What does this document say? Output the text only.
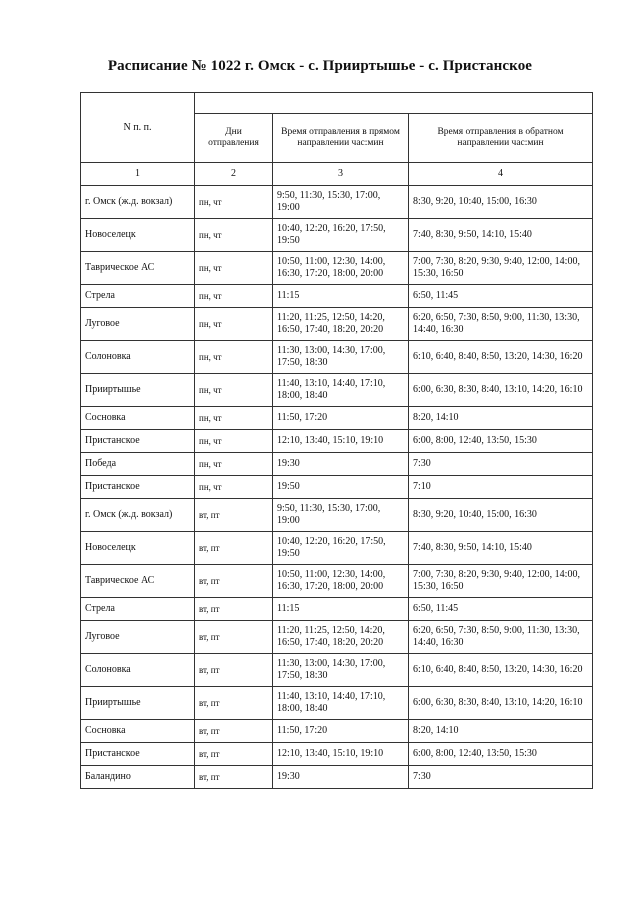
Расписание № 1022 г. Омск - с. Прииртышье - с. Пристанское
N п. п.			
	Дни отправления	Время отправления в прямом направлении час:мин	Время отправления в обратном направлении час:мин
1	2	3	4
г. Омск (ж.д. вокзал)	пн, чт	9:50, 11:30, 15:30, 17:00, 19:00	8:30, 9:20, 10:40, 15:00, 16:30
Новоселецк	пн, чт	10:40, 12:20, 16:20, 17:50, 19:50	7:40, 8:30, 9:50, 14:10, 15:40
Таврическое АС	пн, чт	10:50, 11:00, 12:30, 14:00, 16:30, 17:20, 18:00, 20:00	7:00, 7:30, 8:20, 9:30, 9:40, 12:00, 14:00, 15:30, 16:50
Стрела	пн, чт	11:15	6:50, 11:45
Луговое	пн, чт	11:20, 11:25, 12:50, 14:20, 16:50, 17:40, 18:20, 20:20	6:20, 6:50, 7:30, 8:50, 9:00, 11:30, 13:30, 14:40, 16:30
Солоновка	пн, чт	11:30, 13:00, 14:30, 17:00, 17:50, 18:30	6:10, 6:40, 8:40, 8:50, 13:20, 14:30, 16:20
Прииртышье	пн, чт	11:40, 13:10, 14:40, 17:10, 18:00, 18:40	6:00, 6:30, 8:30, 8:40, 13:10, 14:20, 16:10
Сосновка	пн, чт	11:50, 17:20	8:20, 14:10
Пристанское	пн, чт	12:10, 13:40, 15:10, 19:10	6:00, 8:00, 12:40, 13:50, 15:30
Победа	пн, чт	19:30	7:30
Пристанское	пн, чт	19:50	7:10
г. Омск (ж.д. вокзал)	вт, пт	9:50, 11:30, 15:30, 17:00, 19:00	8:30, 9:20, 10:40, 15:00, 16:30
Новоселецк	вт, пт	10:40, 12:20, 16:20, 17:50, 19:50	7:40, 8:30, 9:50, 14:10, 15:40
Таврическое АС	вт, пт	10:50, 11:00, 12:30, 14:00, 16:30, 17:20, 18:00, 20:00	7:00, 7:30, 8:20, 9:30, 9:40, 12:00, 14:00, 15:30, 16:50
Стрела	вт, пт	11:15	6:50, 11:45
Луговое	вт, пт	11:20, 11:25, 12:50, 14:20, 16:50, 17:40, 18:20, 20:20	6:20, 6:50, 7:30, 8:50, 9:00, 11:30, 13:30, 14:40, 16:30
Солоновка	вт, пт	11:30, 13:00, 14:30, 17:00, 17:50, 18:30	6:10, 6:40, 8:40, 8:50, 13:20, 14:30, 16:20
Прииртышье	вт, пт	11:40, 13:10, 14:40, 17:10, 18:00, 18:40	6:00, 6:30, 8:30, 8:40, 13:10, 14:20, 16:10
Сосновка	вт, пт	11:50, 17:20	8:20, 14:10
Пристанское	вт, пт	12:10, 13:40, 15:10, 19:10	6:00, 8:00, 12:40, 13:50, 15:30
Баландино	вт, пт	19:30	7:30
